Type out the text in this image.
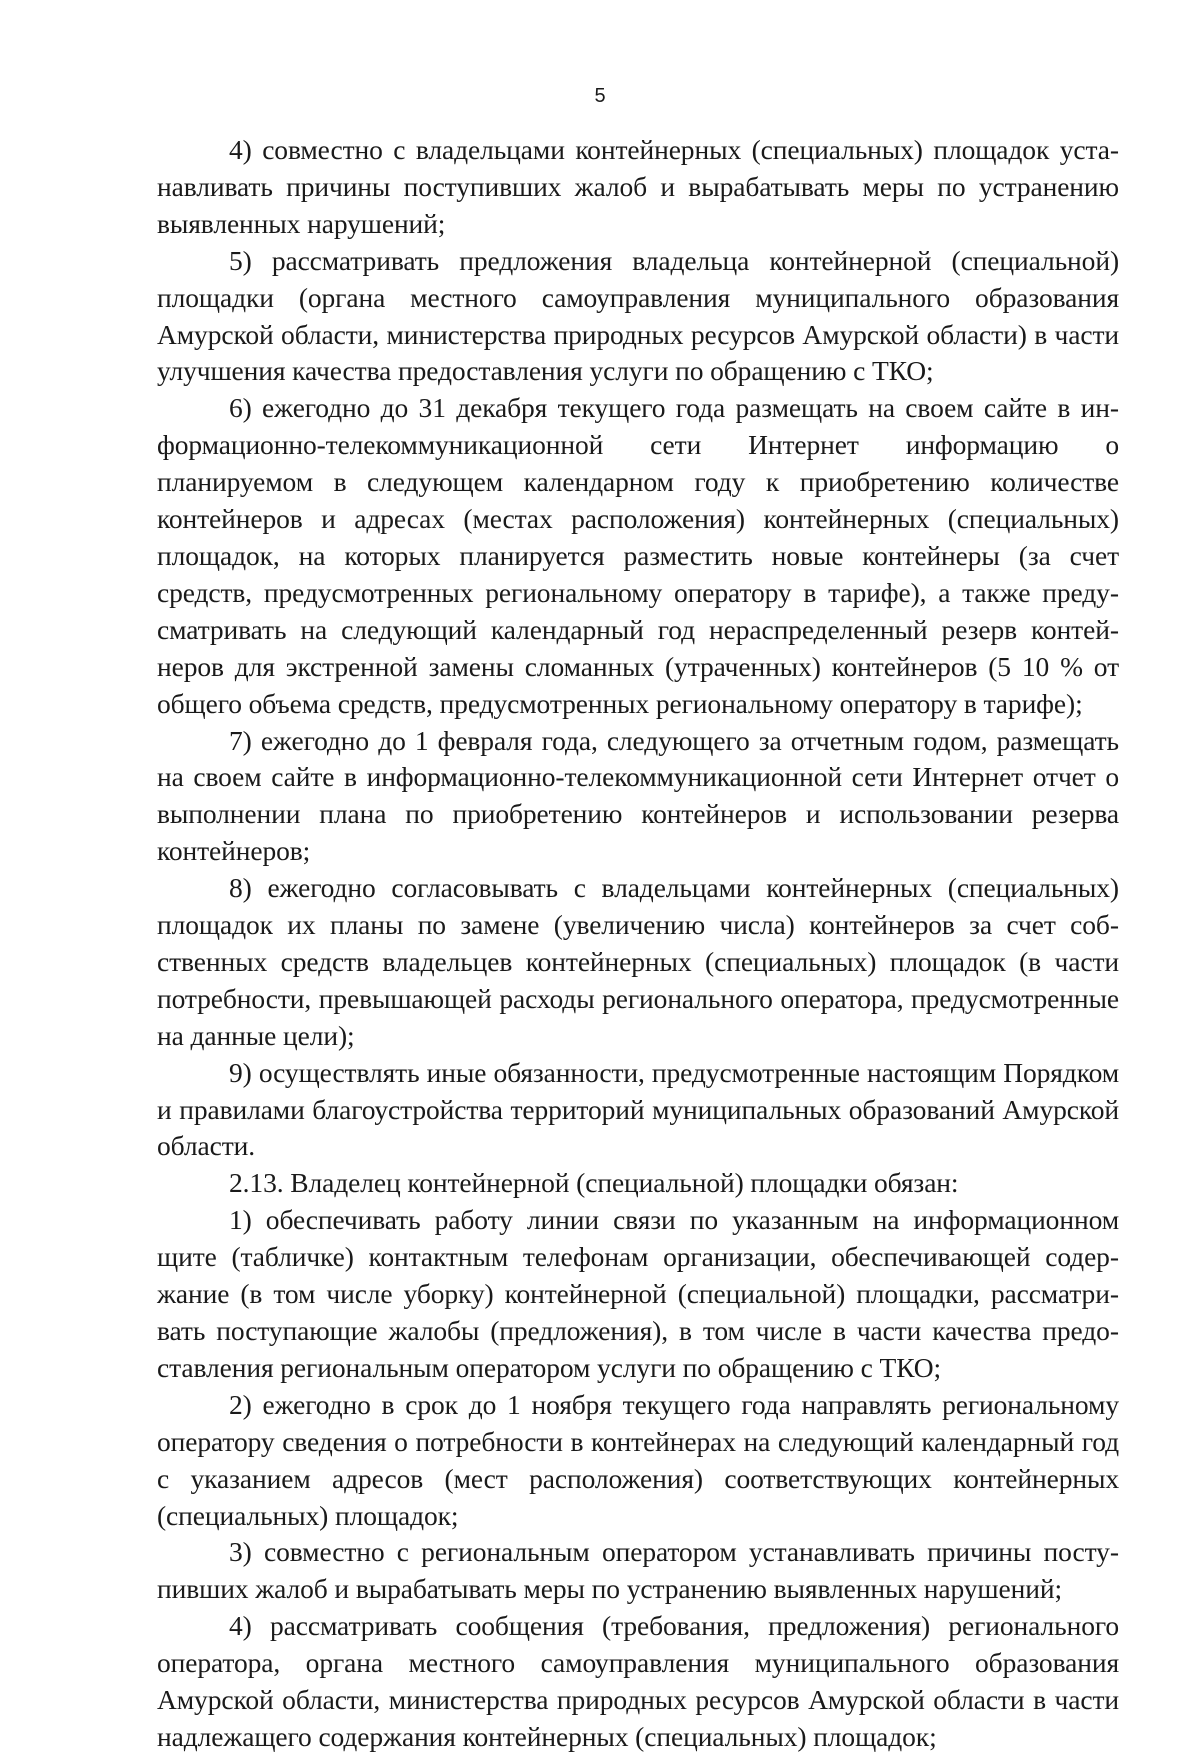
5

4) совместно с владельцами контейнерных (специальных) площадок устанавливать причины поступивших жалоб и вырабатывать меры по устранению выявленных нарушений;

5) рассматривать предложения владельца контейнерной (специальной) площадки (органа местного самоуправления муниципального образования Амурской области, министерства природных ресурсов Амурской области) в части улучшения качества предоставления услуги по обращению с ТКО;

6) ежегодно до 31 декабря текущего года размещать на своем сайте в информационно-телекоммуникационной сети Интернет информацию о планируемом в следующем календарном году к приобретению количестве контейнеров и адресах (местах расположения) контейнерных (специальных) площадок, на которых планируется разместить новые контейнеры (за счет средств, предусмотренных региональному оператору в тарифе), а также предусматривать на следующий календарный год нераспределенный резерв контейнеров для экстренной замены сломанных (утраченных) контейнеров (5 10 % от общего объема средств, предусмотренных региональному оператору в тарифе);

7) ежегодно до 1 февраля года, следующего за отчетным годом, размещать на своем сайте в информационно-телекоммуникационной сети Интернет отчет о выполнении плана по приобретению контейнеров и использовании резерва контейнеров;

8) ежегодно согласовывать с владельцами контейнерных (специальных) площадок их планы по замене (увеличению числа) контейнеров за счет собственных средств владельцев контейнерных (специальных) площадок (в части потребности, превышающей расходы регионального оператора, предусмотренные на данные цели);

9) осуществлять иные обязанности, предусмотренные настоящим Порядком и правилами благоустройства территорий муниципальных образований Амурской области.

2.13. Владелец контейнерной (специальной) площадки обязан:

1) обеспечивать работу линии связи по указанным на информационном щите (табличке) контактным телефонам организации, обеспечивающей содержание (в том числе уборку) контейнерной (специальной) площадки, рассматривать поступающие жалобы (предложения), в том числе в части качества предоставления региональным оператором услуги по обращению с ТКО;

2) ежегодно в срок до 1 ноября текущего года направлять региональному оператору сведения о потребности в контейнерах на следующий календарный год с указанием адресов (мест расположения) соответствующих контейнерных (специальных) площадок;

3) совместно с региональным оператором устанавливать причины поступивших жалоб и вырабатывать меры по устранению выявленных нарушений;

4) рассматривать сообщения (требования, предложения) регионального оператора, органа местного самоуправления муниципального образования Амурской области, министерства природных ресурсов Амурской области в части надлежащего содержания контейнерных (специальных) площадок;
